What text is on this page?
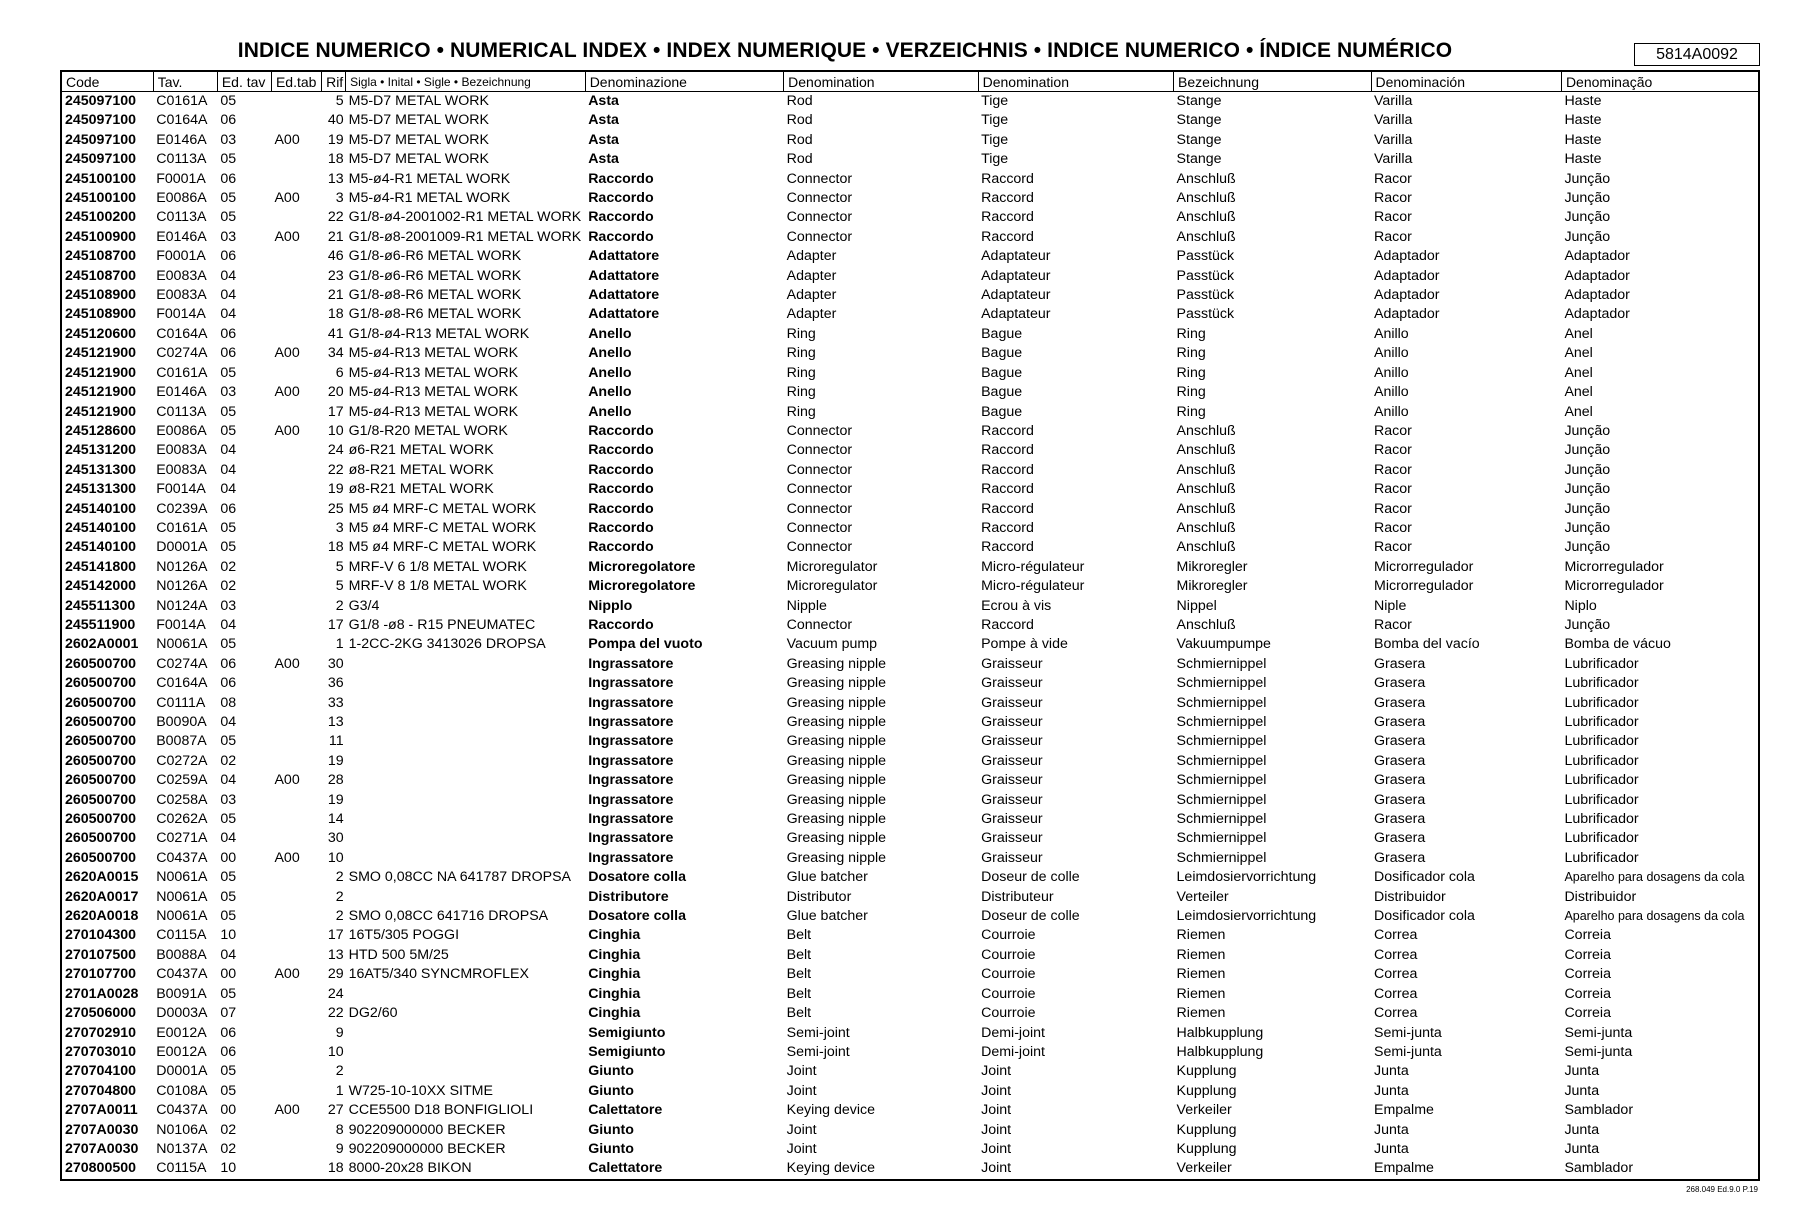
INDICE NUMERICO • NUMERICAL INDEX • INDEX NUMERIQUE • VERZEICHNIS • INDICE NUMERICO • ÍNDICE NUMÉRICO	5814A0092
Code	Tav.	Ed. tav	Ed.tab	Rif	Sigla • Inital • Sigle • Bezeichnung	Denominazione	Denomination	Denomination	Bezeichnung	Denominación	Denominação
245097100	C0161A	05		5	M5-D7 METAL WORK	Asta	Rod	Tige	Stange	Varilla	Haste
245097100	C0164A	06		40	M5-D7 METAL WORK	Asta	Rod	Tige	Stange	Varilla	Haste
245097100	E0146A	03	A00	19	M5-D7 METAL WORK	Asta	Rod	Tige	Stange	Varilla	Haste
245097100	C0113A	05		18	M5-D7 METAL WORK	Asta	Rod	Tige	Stange	Varilla	Haste
245100100	F0001A	06		13	M5-ø4-R1 METAL WORK	Raccordo	Connector	Raccord	Anschluß	Racor	Junção
245100100	E0086A	05	A00	3	M5-ø4-R1 METAL WORK	Raccordo	Connector	Raccord	Anschluß	Racor	Junção
245100200	C0113A	05		22	G1/8-ø4-2001002-R1 METAL WORK	Raccordo	Connector	Raccord	Anschluß	Racor	Junção
245100900	E0146A	03	A00	21	G1/8-ø8-2001009-R1 METAL WORK	Raccordo	Connector	Raccord	Anschluß	Racor	Junção
245108700	F0001A	06		46	G1/8-ø6-R6 METAL WORK	Adattatore	Adapter	Adaptateur	Passtück	Adaptador	Adaptador
245108700	E0083A	04		23	G1/8-ø6-R6 METAL WORK	Adattatore	Adapter	Adaptateur	Passtück	Adaptador	Adaptador
245108900	E0083A	04		21	G1/8-ø8-R6 METAL WORK	Adattatore	Adapter	Adaptateur	Passtück	Adaptador	Adaptador
245108900	F0014A	04		18	G1/8-ø8-R6 METAL WORK	Adattatore	Adapter	Adaptateur	Passtück	Adaptador	Adaptador
245120600	C0164A	06		41	G1/8-ø4-R13 METAL WORK	Anello	Ring	Bague	Ring	Anillo	Anel
245121900	C0274A	06	A00	34	M5-ø4-R13 METAL WORK	Anello	Ring	Bague	Ring	Anillo	Anel
245121900	C0161A	05		6	M5-ø4-R13 METAL WORK	Anello	Ring	Bague	Ring	Anillo	Anel
245121900	E0146A	03	A00	20	M5-ø4-R13 METAL WORK	Anello	Ring	Bague	Ring	Anillo	Anel
245121900	C0113A	05		17	M5-ø4-R13 METAL WORK	Anello	Ring	Bague	Ring	Anillo	Anel
245128600	E0086A	05	A00	10	G1/8-R20 METAL WORK	Raccordo	Connector	Raccord	Anschluß	Racor	Junção
245131200	E0083A	04		24	ø6-R21 METAL WORK	Raccordo	Connector	Raccord	Anschluß	Racor	Junção
245131300	E0083A	04		22	ø8-R21 METAL WORK	Raccordo	Connector	Raccord	Anschluß	Racor	Junção
245131300	F0014A	04		19	ø8-R21 METAL WORK	Raccordo	Connector	Raccord	Anschluß	Racor	Junção
245140100	C0239A	06		25	M5 ø4 MRF-C METAL WORK	Raccordo	Connector	Raccord	Anschluß	Racor	Junção
245140100	C0161A	05		3	M5 ø4 MRF-C METAL WORK	Raccordo	Connector	Raccord	Anschluß	Racor	Junção
245140100	D0001A	05		18	M5 ø4 MRF-C METAL WORK	Raccordo	Connector	Raccord	Anschluß	Racor	Junção
245141800	N0126A	02		5	MRF-V 6 1/8 METAL WORK	Microregolatore	Microregulator	Micro-régulateur	Mikroregler	Microrregulador	Microrregulador
245142000	N0126A	02		5	MRF-V 8 1/8 METAL WORK	Microregolatore	Microregulator	Micro-régulateur	Mikroregler	Microrregulador	Microrregulador
245511300	N0124A	03		2	G3/4	Nipplo	Nipple	Ecrou à vis	Nippel	Niple	Niplo
245511900	F0014A	04		17	G1/8 -ø8 - R15 PNEUMATEC	Raccordo	Connector	Raccord	Anschluß	Racor	Junção
2602A0001	N0061A	05		1	1-2CC-2KG 3413026 DROPSA	Pompa del vuoto	Vacuum pump	Pompe à vide	Vakuumpumpe	Bomba del vacío	Bomba de vácuo
260500700	C0274A	06	A00	30		Ingrassatore	Greasing nipple	Graisseur	Schmiernippel	Grasera	Lubrificador
260500700	C0164A	06		36		Ingrassatore	Greasing nipple	Graisseur	Schmiernippel	Grasera	Lubrificador
260500700	C0111A	08		33		Ingrassatore	Greasing nipple	Graisseur	Schmiernippel	Grasera	Lubrificador
260500700	B0090A	04		13		Ingrassatore	Greasing nipple	Graisseur	Schmiernippel	Grasera	Lubrificador
260500700	B0087A	05		11		Ingrassatore	Greasing nipple	Graisseur	Schmiernippel	Grasera	Lubrificador
260500700	C0272A	02		19		Ingrassatore	Greasing nipple	Graisseur	Schmiernippel	Grasera	Lubrificador
260500700	C0259A	04	A00	28		Ingrassatore	Greasing nipple	Graisseur	Schmiernippel	Grasera	Lubrificador
260500700	C0258A	03		19		Ingrassatore	Greasing nipple	Graisseur	Schmiernippel	Grasera	Lubrificador
260500700	C0262A	05		14		Ingrassatore	Greasing nipple	Graisseur	Schmiernippel	Grasera	Lubrificador
260500700	C0271A	04		30		Ingrassatore	Greasing nipple	Graisseur	Schmiernippel	Grasera	Lubrificador
260500700	C0437A	00	A00	10		Ingrassatore	Greasing nipple	Graisseur	Schmiernippel	Grasera	Lubrificador
2620A0015	N0061A	05		2	SMO 0,08CC NA 641787 DROPSA	Dosatore colla	Glue batcher	Doseur de colle	Leimdosiervorrichtung	Dosificador cola	Aparelho para dosagens da cola
2620A0017	N0061A	05		2		Distributore	Distributor	Distributeur	Verteiler	Distribuidor	Distribuidor
2620A0018	N0061A	05		2	SMO 0,08CC 641716 DROPSA	Dosatore colla	Glue batcher	Doseur de colle	Leimdosiervorrichtung	Dosificador cola	Aparelho para dosagens da cola
270104300	C0115A	10		17	16T5/305 POGGI	Cinghia	Belt	Courroie	Riemen	Correa	Correia
270107500	B0088A	04		13	HTD 500 5M/25	Cinghia	Belt	Courroie	Riemen	Correa	Correia
270107700	C0437A	00	A00	29	16AT5/340 SYNCMROFLEX	Cinghia	Belt	Courroie	Riemen	Correa	Correia
2701A0028	B0091A	05		24		Cinghia	Belt	Courroie	Riemen	Correa	Correia
270506000	D0003A	07		22	DG2/60	Cinghia	Belt	Courroie	Riemen	Correa	Correia
270702910	E0012A	06		9		Semigiunto	Semi-joint	Demi-joint	Halbkupplung	Semi-junta	Semi-junta
270703010	E0012A	06		10		Semigiunto	Semi-joint	Demi-joint	Halbkupplung	Semi-junta	Semi-junta
270704100	D0001A	05		2		Giunto	Joint	Joint	Kupplung	Junta	Junta
270704800	C0108A	05		1	W725-10-10XX SITME	Giunto	Joint	Joint	Kupplung	Junta	Junta
2707A0011	C0437A	00	A00	27	CCE5500 D18 BONFIGLIOLI	Calettatore	Keying device	Joint	Verkeiler	Empalme	Samblador
2707A0030	N0106A	02		8	902209000000 BECKER	Giunto	Joint	Joint	Kupplung	Junta	Junta
2707A0030	N0137A	02		9	902209000000 BECKER	Giunto	Joint	Joint	Kupplung	Junta	Junta
270800500	C0115A	10		18	8000-20x28 BIKON	Calettatore	Keying device	Joint	Verkeiler	Empalme	Samblador
268.049 Ed.9.0 P.19
